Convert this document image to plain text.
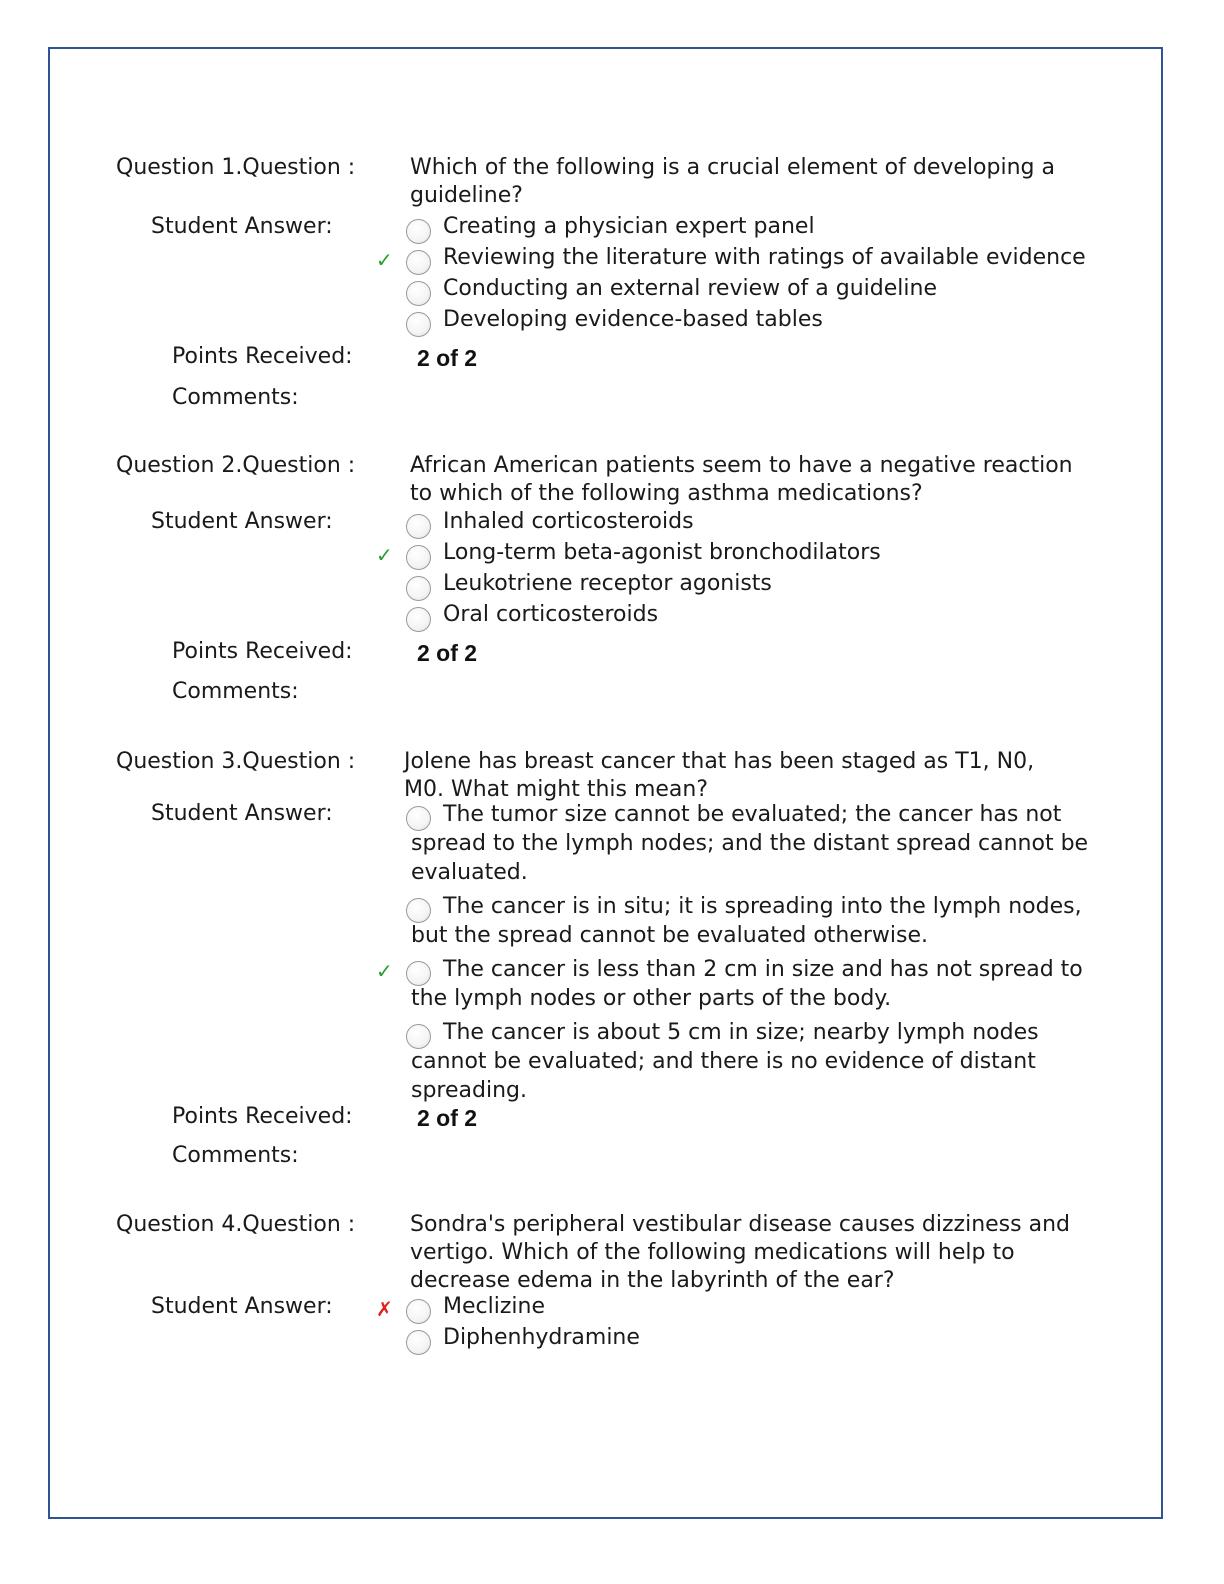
Question 1.Question : Which of the following is a crucial element of developing a guideline?
Student Answer:	Creating a physician expert panel
✓ Reviewing the literature with ratings of available evidence
Conducting an external review of a guideline
Developing evidence-based tables
Points Received:	2 of 2
Comments:
Question 2.Question : African American patients seem to have a negative reaction to which of the following asthma medications?
Student Answer:	Inhaled corticosteroids
✓ Long-term beta-agonist bronchodilators
Leukotriene receptor agonists
Oral corticosteroids
Points Received:	2 of 2
Comments:
Question 3.Question : Jolene has breast cancer that has been staged as T1, N0, M0. What might this mean?
Student Answer:	The tumor size cannot be evaluated; the cancer has not spread to the lymph nodes; and the distant spread cannot be evaluated.
The cancer is in situ; it is spreading into the lymph nodes, but the spread cannot be evaluated otherwise.
✓ The cancer is less than 2 cm in size and has not spread to the lymph nodes or other parts of the body.
The cancer is about 5 cm in size; nearby lymph nodes cannot be evaluated; and there is no evidence of distant spreading.
Points Received:	2 of 2
Comments:
Question 4.Question : Sondra's peripheral vestibular disease causes dizziness and vertigo. Which of the following medications will help to decrease edema in the labyrinth of the ear?
Student Answer: ✗ Meclizine
Diphenhydramine
